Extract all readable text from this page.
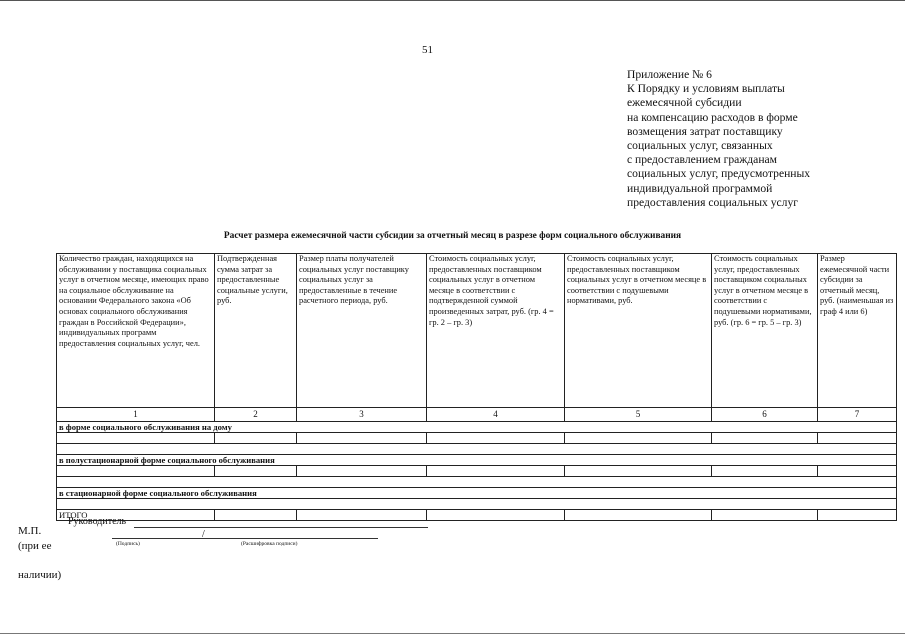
51
Приложение № 6
К Порядку и условиям выплаты
ежемесячной субсидии
на компенсацию расходов в форме
возмещения затрат поставщику
социальных услуг, связанных
с предоставлением гражданам
социальных услуг, предусмотренных
индивидуальной программой
предоставления социальных услуг
Расчет размера ежемесячной части субсидии за отчетный месяц в разрезе форм социального обслуживания
Количество граждан, находящихся на обслуживании у поставщика социальных услуг в отчетном месяце, имеющих право на социальное обслуживание на основании Федерального закона «Об основах социального обслуживания граждан в Российской Федерации», индивидуальных программ предоставления социальных услуг, чел.	Подтвержденная сумма затрат за предоставленные социальные услуги, руб.	Размер платы получателей социальных услуг поставщику социальных услуг за предоставленные в течение расчетного периода, руб.	Стоимость социальных услуг, предоставленных поставщиком социальных услуг в отчетном месяце в соответствии с подтвержденной суммой произведенных затрат, руб. (гр. 4 = гр. 2 – гр. 3)	Стоимость социальных услуг, предоставленных поставщиком социальных услуг в отчетном месяце в соответствии с подушевыми нормативами, руб.	Стоимость социальных услуг, предоставленных поставщиком социальных услуг в отчетном месяце в соответствии с подушевыми нормативами, руб. (гр. 6 = гр. 5 – гр. 3)	Размер ежемесячной части субсидии за отчетный месяц, руб. (наименьшая из граф 4 или 6)
1	2	3	4	5	6	7
в форме социального обслуживания на дому						

в полустационарной форме социального обслуживания						

в стационарной форме социального обслуживания						

ИТОГО						
Руководитель
/
(Подпись)	(Расшифровка подписи)
М.П.
(при ее
наличии)
